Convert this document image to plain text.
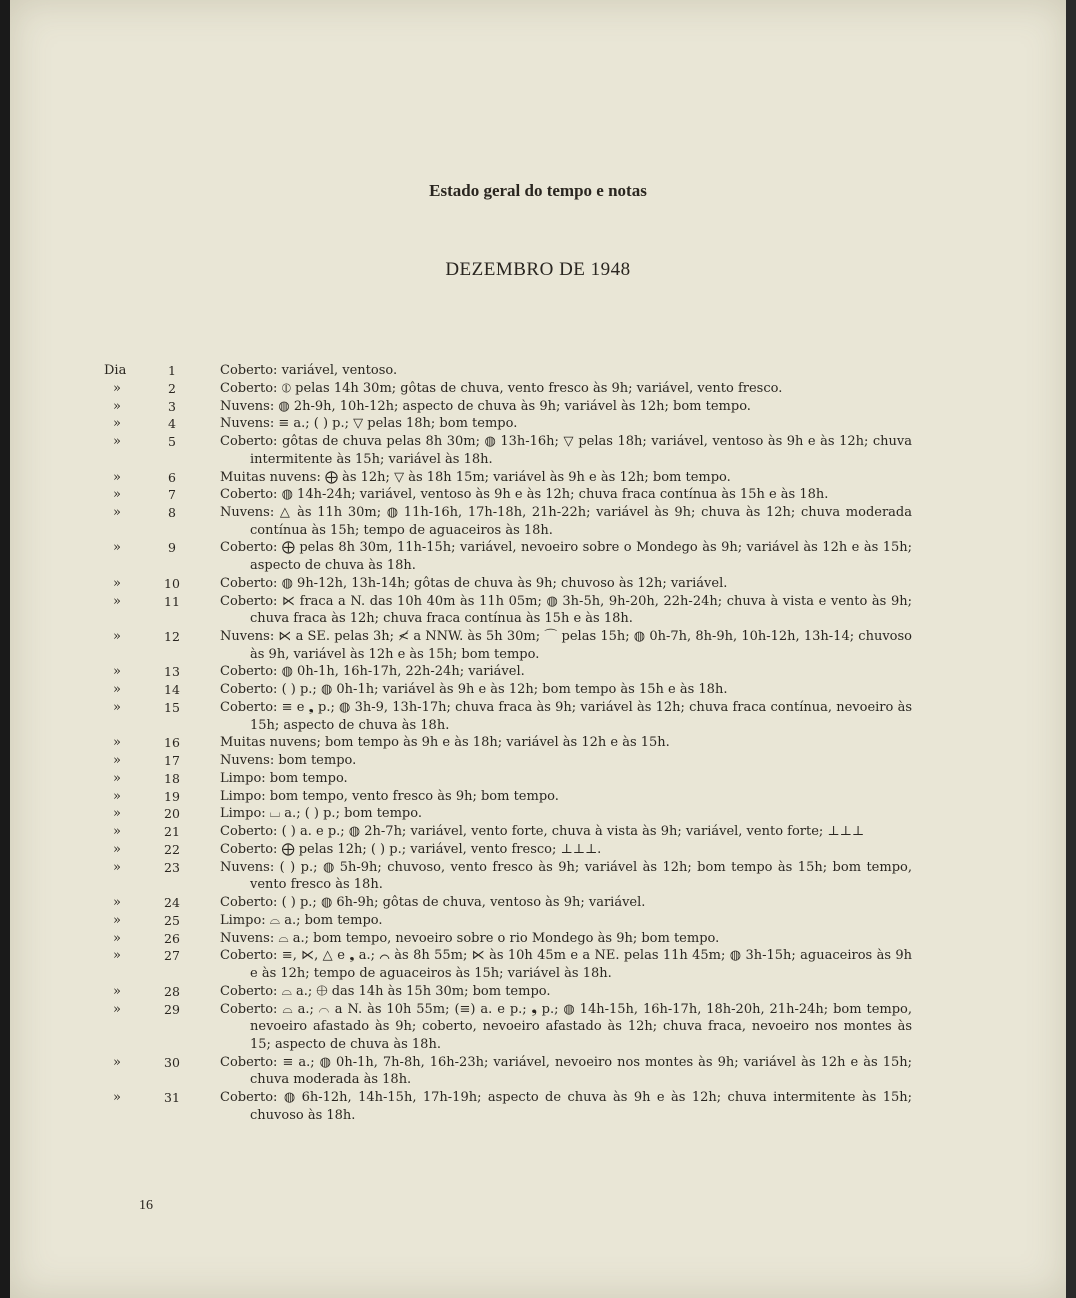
Estado geral do tempo e notas
DEZEMBRO DE 1948
Dia	1	Coberto: variável, ventoso.
»	2	Coberto: ⦶ pelas 14h 30m; gôtas de chuva, vento fresco às 9h; variável, vento fresco.
»	3	Nuvens: ◍ 2h-9h, 10h-12h; aspecto de chuva às 9h; variável às 12h; bom tempo.
»	4	Nuvens: ≡ a.; ( ) p.; ▽ pelas 18h; bom tempo.
»	5	Coberto: gôtas de chuva pelas 8h 30m; ◍ 13h-16h; ▽ pelas 18h; variável, ventoso às 9h e às 12h; chuva intermitente às 15h; variável às 18h.
»	6	Muitas nuvens: ⨁ às 12h; ▽ às 18h 15m; variável às 9h e às 12h; bom tempo.
»	7	Coberto: ◍ 14h-24h; variável, ventoso às 9h e às 12h; chuva fraca contínua às 15h e às 18h.
»	8	Nuvens: △ às 11h 30m; ◍ 11h-16h, 17h-18h, 21h-22h; variável às 9h; chuva às 12h; chuva moderada contínua às 15h; tempo de aguaceiros às 18h.
»	9	Coberto: ⨁ pelas 8h 30m, 11h-15h; variável, nevoeiro sobre o Mondego às 9h; variável às 12h e às 15h; aspecto de chuva às 18h.
»	10	Coberto: ◍ 9h-12h, 13h-14h; gôtas de chuva às 9h; chuvoso às 12h; variável.
»	11	Coberto: ⋉ fraca a N. das 10h 40m às 11h 05m; ◍ 3h-5h, 9h-20h, 22h-24h; chuva à vista e vento às 9h; chuva fraca às 12h; chuva fraca contínua às 15h e às 18h.
»	12	Nuvens: ⋉ a SE. pelas 3h; ≮ a NNW. às 5h 30m; ⌒ pelas 15h; ◍ 0h-7h, 8h-9h, 10h-12h, 13h-14; chuvoso às 9h, variável às 12h e às 15h; bom tempo.
»	13	Coberto: ◍ 0h-1h, 16h-17h, 22h-24h; variável.
»	14	Coberto: ( ) p.; ◍ 0h-1h; variável às 9h e às 12h; bom tempo às 15h e às 18h.
»	15	Coberto: ≡ e ❟ p.; ◍ 3h-9, 13h-17h; chuva fraca às 9h; variável às 12h; chuva fraca contínua, nevoeiro às 15h; aspecto de chuva às 18h.
»	16	Muitas nuvens; bom tempo às 9h e às 18h; variável às 12h e às 15h.
»	17	Nuvens: bom tempo.
»	18	Limpo: bom tempo.
»	19	Limpo: bom tempo, vento fresco às 9h; bom tempo.
»	20	Limpo: ⌴ a.; ( ) p.; bom tempo.
»	21	Coberto: ( ) a. e p.; ◍ 2h-7h; variável, vento forte, chuva à vista às 9h; variável, vento forte; ⊥⊥⊥
»	22	Coberto: ⨁ pelas 12h; ( ) p.; variável, vento fresco; ⊥⊥⊥.
»	23	Nuvens: ( ) p.; ◍ 5h-9h; chuvoso, vento fresco às 9h; variável às 12h; bom tempo às 15h; bom tempo, vento fresco às 18h.
»	24	Coberto: ( ) p.; ◍ 6h-9h; gôtas de chuva, ventoso às 9h; variável.
»	25	Limpo: ⌓ a.; bom tempo.
»	26	Nuvens: ⌓ a.; bom tempo, nevoeiro sobre o rio Mondego às 9h; bom tempo.
»	27	Coberto: ≡, ⋉, △ e ❟ a.; ⌒ às 8h 55m; ⋉ às 10h 45m e a NE. pelas 11h 45m; ◍ 3h-15h; aguaceiros às 9h e às 12h; tempo de aguaceiros às 15h; variável às 18h.
»	28	Coberto: ⌓ a.; ⨁ das 14h às 15h 30m; bom tempo.
»	29	Coberto: ⌓ a.; ⌒ a N. às 10h 55m; (≡) a. e p.; ❟ p.; ◍ 14h-15h, 16h-17h, 18h-20h, 21h-24h; bom tempo, nevoeiro afastado às 9h; coberto, nevoeiro afastado às 12h; chuva fraca, nevoeiro nos montes às 15; aspecto de chuva às 18h.
»	30	Coberto: ≡ a.; ◍ 0h-1h, 7h-8h, 16h-23h; variável, nevoeiro nos montes às 9h; variável às 12h e às 15h; chuva moderada às 18h.
»	31	Coberto: ◍ 6h-12h, 14h-15h, 17h-19h; aspecto de chuva às 9h e às 12h; chuva intermitente às 15h; chuvoso às 18h.
16
